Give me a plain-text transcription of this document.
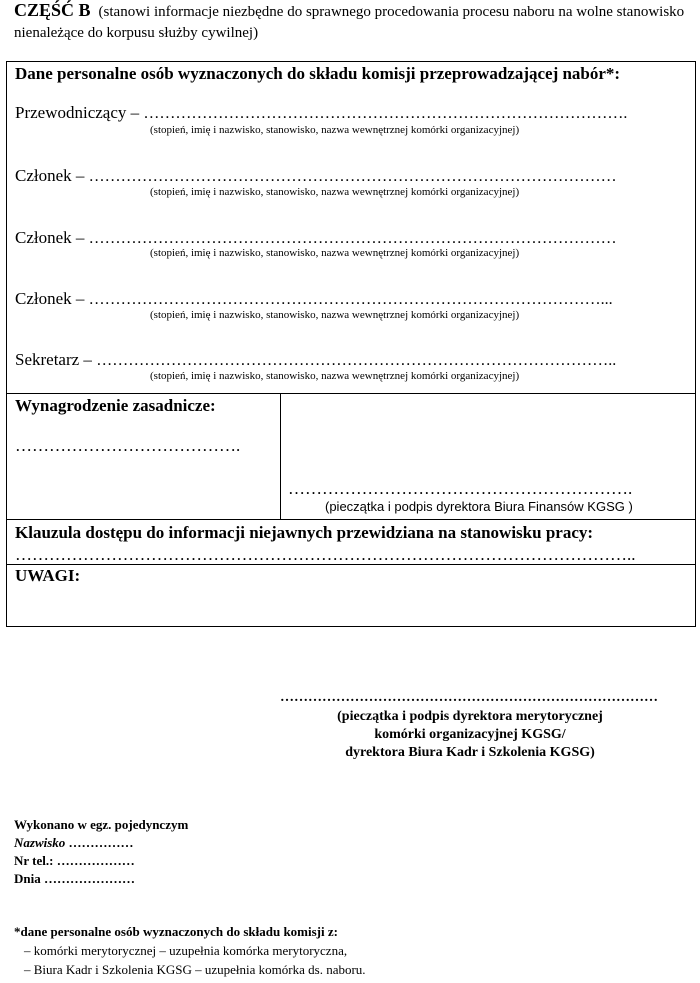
CZĘŚĆ B (stanowi informacje niezbędne do sprawnego procedowania procesu naboru na wolne stanowisko nienależące do korpusu służby cywilnej)
Dane personalne osób wyznaczonych do składu komisji przeprowadzającej nabór*:
Przewodniczący – ……………………………………………………………………………….
(stopień, imię i nazwisko, stanowisko, nazwa wewnętrznej komórki organizacyjnej)
Członek – ………………………………………………………………………………………
(stopień, imię i nazwisko, stanowisko, nazwa wewnętrznej komórki organizacyjnej)
Członek – ………………………………………………………………………………………
(stopień, imię i nazwisko, stanowisko, nazwa wewnętrznej komórki organizacyjnej)
Członek – ……………………………………………………………………………………...
(stopień, imię i nazwisko, stanowisko, nazwa wewnętrznej komórki organizacyjnej)
Sekretarz – ……………………………………………………………………………………..
(stopień, imię i nazwisko, stanowisko, nazwa wewnętrznej komórki organizacyjnej)
Wynagrodzenie zasadnicze:
………………………………….
…………………………………………………….
(pieczątka i podpis dyrektora Biura Finansów KGSG )
Klauzula dostępu do informacji niejawnych przewidziana na stanowisku pracy:
………………………………………………………………………………………………..
UWAGI:
………………………………………………………………………
(pieczątka i podpis dyrektora merytorycznej
komórki organizacyjnej KGSG/
dyrektora Biura Kadr i Szkolenia KGSG)
Wykonano w egz. pojedynczym
Nazwisko ……………
Nr tel.: ………………
Dnia …………………
*dane personalne osób wyznaczonych do składu komisji z:
– komórki merytorycznej – uzupełnia komórka merytoryczna,
– Biura Kadr i Szkolenia KGSG – uzupełnia komórka ds. naboru.
